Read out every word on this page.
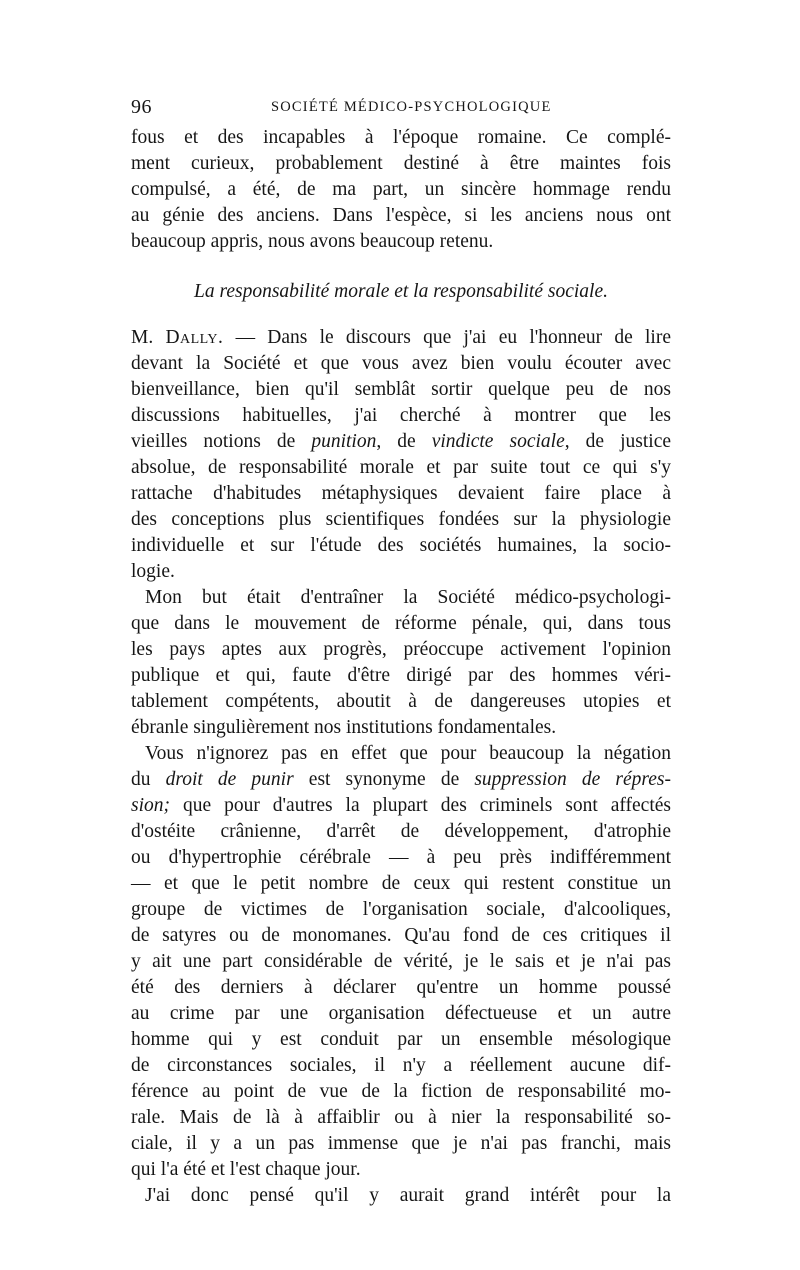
96	SOCIÉTÉ MÉDICO-PSYCHOLOGIQUE
fous et des incapables à l'époque romaine. Ce complé-
ment curieux, probablement destiné à être maintes fois
compulsé, a été, de ma part, un sincère hommage rendu
au génie des anciens. Dans l'espèce, si les anciens nous ont
beaucoup appris, nous avons beaucoup retenu.
La responsabilité morale et la responsabilité sociale.
M. Dally. — Dans le discours que j'ai eu l'honneur de lire
devant la Société et que vous avez bien voulu écouter avec
bienveillance, bien qu'il semblât sortir quelque peu de nos
discussions habituelles, j'ai cherché à montrer que les
vieilles notions de punition, de vindicte sociale, de justice
absolue, de responsabilité morale et par suite tout ce qui s'y
rattache d'habitudes métaphysiques devaient faire place à
des conceptions plus scientifiques fondées sur la physiologie
individuelle et sur l'étude des sociétés humaines, la socio-
logie.
Mon but était d'entraîner la Société médico-psychologi-
que dans le mouvement de réforme pénale, qui, dans tous
les pays aptes aux progrès, préoccupe activement l'opinion
publique et qui, faute d'être dirigé par des hommes véri-
tablement compétents, aboutit à de dangereuses utopies et
ébranle singulièrement nos institutions fondamentales.
Vous n'ignorez pas en effet que pour beaucoup la négation
du droit de punir est synonyme de suppression de répres-
sion; que pour d'autres la plupart des criminels sont affectés
d'ostéite crânienne, d'arrêt de développement, d'atrophie
ou d'hypertrophie cérébrale — à peu près indifféremment
— et que le petit nombre de ceux qui restent constitue un
groupe de victimes de l'organisation sociale, d'alcooliques,
de satyres ou de monomanes. Qu'au fond de ces critiques il
y ait une part considérable de vérité, je le sais et je n'ai pas
été des derniers à déclarer qu'entre un homme poussé
au crime par une organisation défectueuse et un autre
homme qui y est conduit par un ensemble mésologique
de circonstances sociales, il n'y a réellement aucune dif-
férence au point de vue de la fiction de responsabilité mo-
rale. Mais de là à affaiblir ou à nier la responsabilité so-
ciale, il y a un pas immense que je n'ai pas franchi, mais
qui l'a été et l'est chaque jour.
J'ai donc pensé qu'il y aurait grand intérêt pour la
